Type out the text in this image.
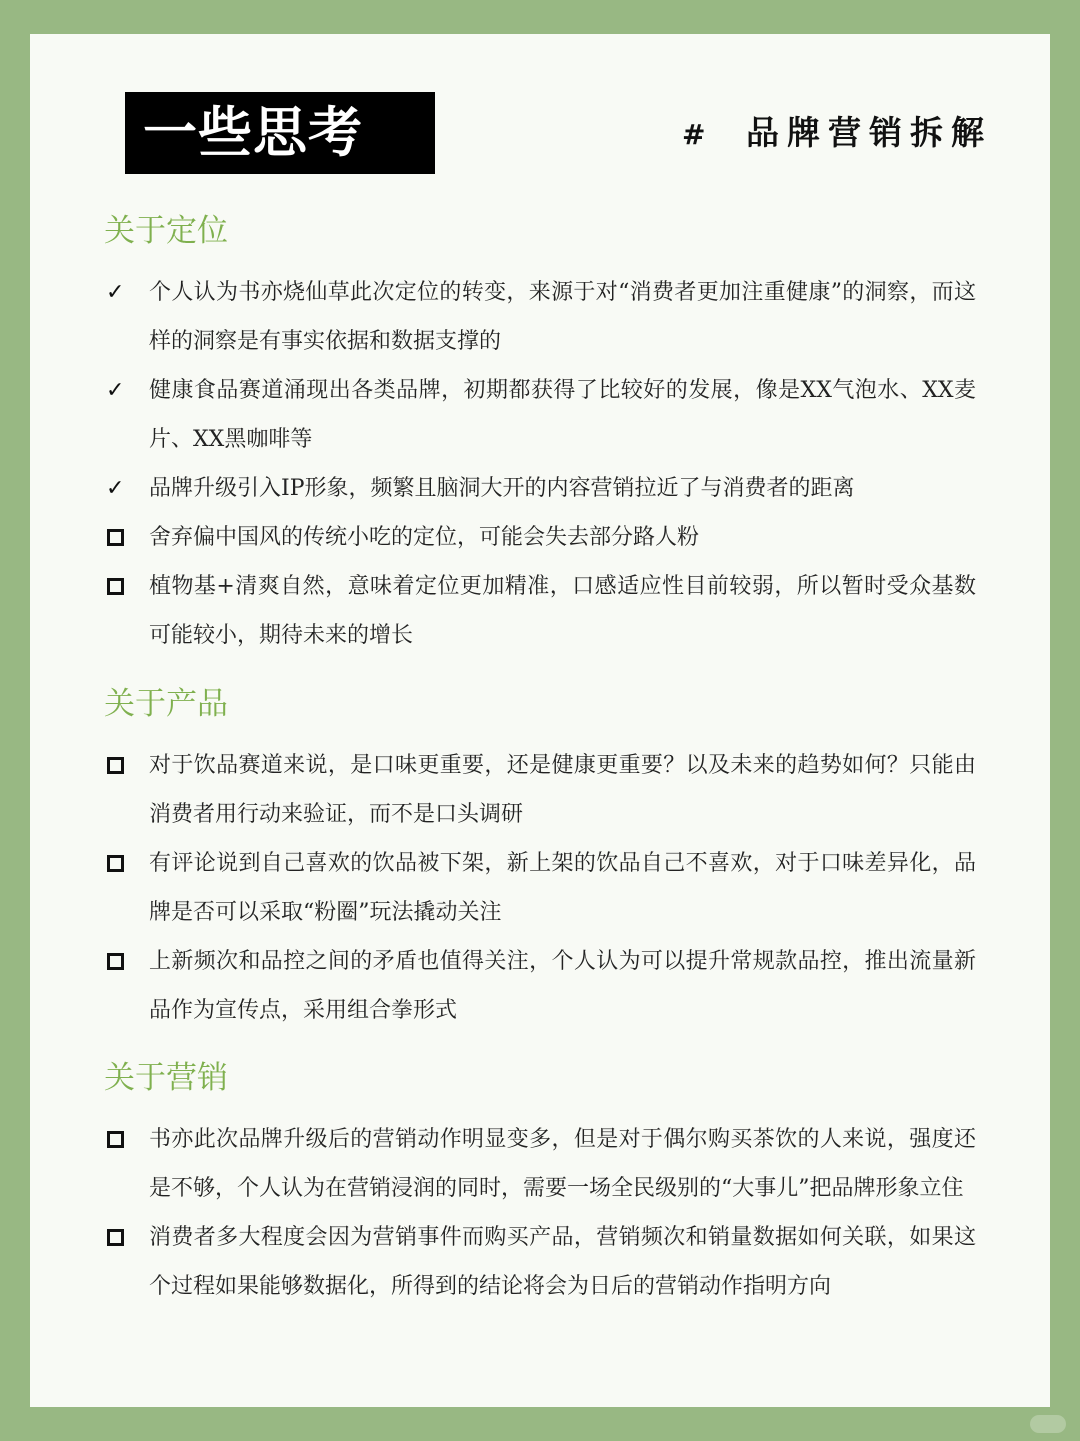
一些思考	# 品牌营销拆解
关于定位
✓
个人认为书亦烧仙草此次定位的转变，来源于对“消费者更加注重健康”的洞察，而这样的洞察是有事实依据和数据支撑的
✓
健康食品赛道涌现出各类品牌，初期都获得了比较好的发展，像是XX气泡水、XX麦片、XX黑咖啡等
✓
品牌升级引入IP形象，频繁且脑洞大开的内容营销拉近了与消费者的距离
舍弃偏中国风的传统小吃的定位，可能会失去部分路人粉
植物基+清爽自然，意味着定位更加精准，口感适应性目前较弱，所以暂时受众基数可能较小，期待未来的增长
关于产品
对于饮品赛道来说，是口味更重要，还是健康更重要？以及未来的趋势如何？只能由消费者用行动来验证，而不是口头调研
有评论说到自己喜欢的饮品被下架，新上架的饮品自己不喜欢，对于口味差异化，品牌是否可以采取“粉圈”玩法撬动关注
上新频次和品控之间的矛盾也值得关注，个人认为可以提升常规款品控，推出流量新品作为宣传点，采用组合拳形式
关于营销
书亦此次品牌升级后的营销动作明显变多，但是对于偶尔购买茶饮的人来说，强度还是不够，个人认为在营销浸润的同时，需要一场全民级别的“大事儿”把品牌形象立住
消费者多大程度会因为营销事件而购买产品，营销频次和销量数据如何关联，如果这个过程如果能够数据化，所得到的结论将会为日后的营销动作指明方向
